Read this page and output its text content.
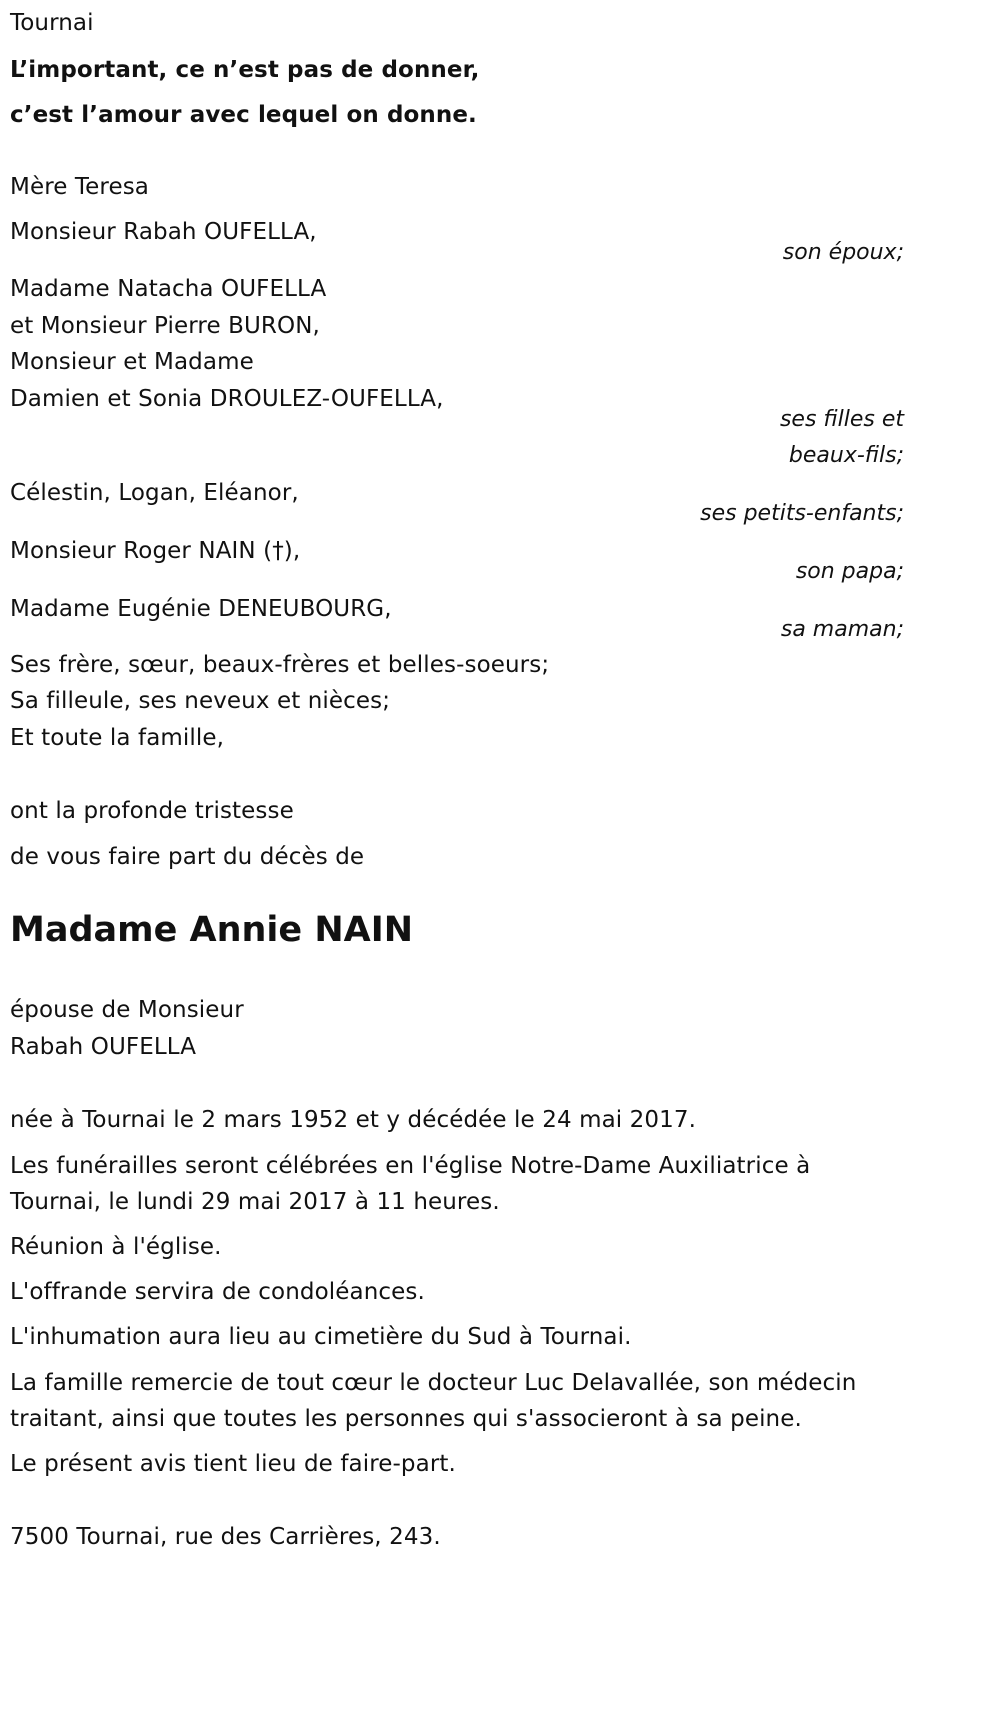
Tournai
L’important, ce n’est pas de donner,
c’est l’amour avec lequel on donne.
Mère Teresa
Monsieur Rabah OUFELLA,
son époux;
Madame Natacha OUFELLA
et Monsieur Pierre BURON,
Monsieur et Madame
Damien et Sonia DROULEZ-OUFELLA,
ses filles et
beaux-fils;
Célestin, Logan, Eléanor,
ses petits-enfants;
Monsieur Roger NAIN (†),
son papa;
Madame Eugénie DENEUBOURG,
sa maman;
Ses frère, sœur, beaux-frères et belles-soeurs;
Sa filleule, ses neveux et nièces;
Et toute la famille,
ont la profonde tristesse
de vous faire part du décès de
Madame Annie NAIN
épouse de Monsieur
Rabah OUFELLA
née à Tournai le 2 mars 1952 et y décédée le 24 mai 2017.
Les funérailles seront célébrées en l'église Notre-Dame Auxiliatrice à
Tournai, le lundi 29 mai 2017 à 11 heures.
Réunion à l'église.
L'offrande servira de condoléances.
L'inhumation aura lieu au cimetière du Sud à Tournai.
La famille remercie de tout cœur le docteur Luc Delavallée, son médecin
traitant, ainsi que toutes les personnes qui s'associeront à sa peine.
Le présent avis tient lieu de faire-part.
7500 Tournai, rue des Carrières, 243.
